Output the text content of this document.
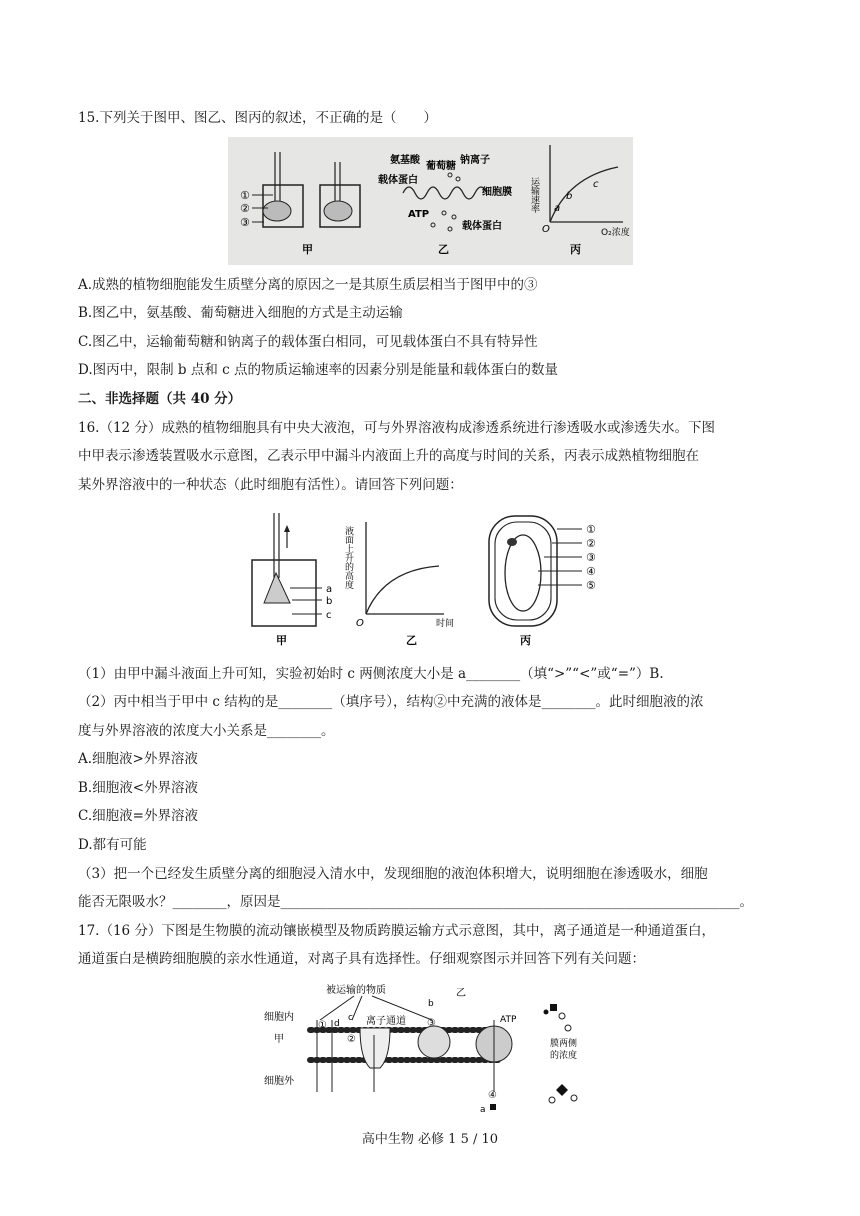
15.下列关于图甲、图乙、图丙的叙述，不正确的是（　　）
①
②
③
氨基酸
葡萄糖
钠离子
载体蛋白
细胞膜
ATP
载体蛋白
运输速率
O₂浓度
O
a
b
c
甲	乙	丙
A.成熟的植物细胞能发生质壁分离的原因之一是其原生质层相当于图甲中的③
B.图乙中，氨基酸、葡萄糖进入细胞的方式是主动运输
C.图乙中，运输葡萄糖和钠离子的载体蛋白相同，可见载体蛋白不具有特异性
D.图丙中，限制 b 点和 c 点的物质运输速率的因素分别是能量和载体蛋白的数量
二、非选择题（共 40 分）
16.（12 分）成熟的植物细胞具有中央大液泡，可与外界溶液构成渗透系统进行渗透吸水或渗透失水。下图
中甲表示渗透装置吸水示意图，乙表示甲中漏斗内液面上升的高度与时间的关系，丙表示成熟植物细胞在
某外界溶液中的一种状态（此时细胞有活性）。请回答下列问题：
a
b
c
甲
液面上升的高度
时间
O
乙
①
②
③
④
⑤
丙
（1）由甲中漏斗液面上升可知，实验初始时 c 两侧浓度大小是 a________（填“>”“<”或“=”）B.
（2）丙中相当于甲中 c 结构的是________（填序号），结构②中充满的液体是________。此时细胞液的浓
度与外界溶液的浓度大小关系是________。
A.细胞液>外界溶液
B.细胞液<外界溶液
C.细胞液=外界溶液
D.都有可能
（3）把一个已经发生质壁分离的细胞浸入清水中，发现细胞的液泡体积增大，说明细胞在渗透吸水，细胞
能否无限吸水？________，原因是____________________________________________________________________。
17.（16 分）下图是生物膜的流动镶嵌模型及物质跨膜运输方式示意图，其中，离子通道是一种通道蛋白，
通道蛋白是横跨细胞膜的亲水性通道，对离子具有选择性。仔细观察图示并回答下列有关问题：
被运输的物质
细胞内
甲
细胞外
① d
c
②
离子通道 ③
b
乙
ATP
④
a
膜两侧
的浓度
高中生物 必修 1 5 / 10
